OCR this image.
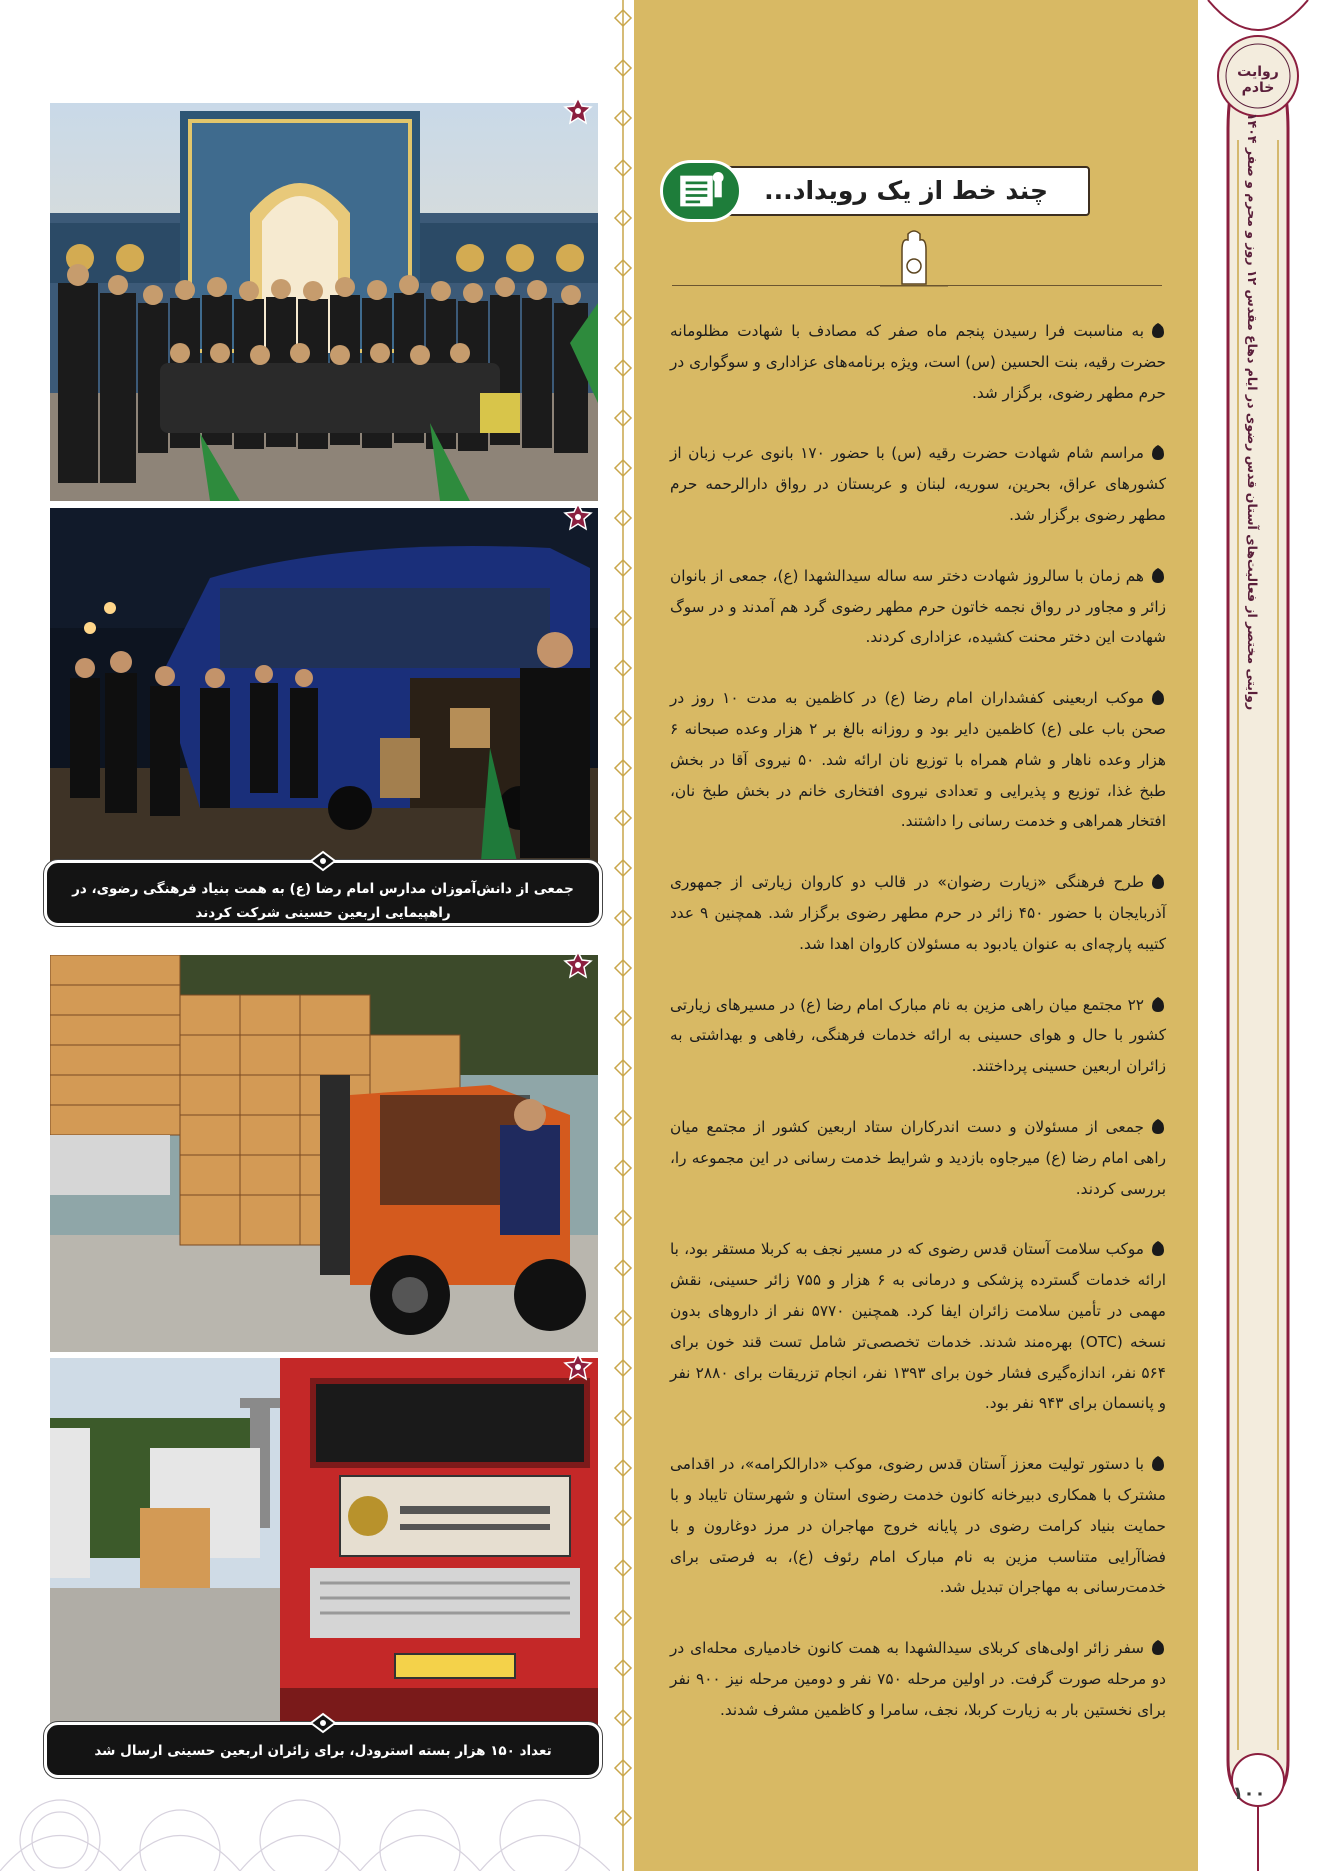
جمعی از دانش‌آموزان مدارس امام رضا (ع) به همت بنیاد فرهنگی رضوی، در راهپیمایی اربعین حسینی شرکت کردند
تعداد ۱۵۰ هزار بسته استرودل، برای زائران اربعین حسینی ارسال شد
چند خط از یک رویداد...
به مناسبت فرا رسیدن پنجم ماه صفر که مصادف با شهادت مظلومانه حضرت رقیه، بنت الحسین (س) است، ویژه برنامه‌های عزاداری و سوگواری در حرم مطهر رضوی، برگزار شد.
مراسم شام شهادت حضرت رقیه (س) با حضور ۱۷۰ بانوی عرب زبان از کشورهای عراق، بحرین، سوریه، لبنان و عربستان در رواق دارالرحمه حرم مطهر رضوی برگزار شد.
هم زمان با سالروز شهادت دختر سه ساله سیدالشهدا (ع)، جمعی از بانوان زائر و مجاور در رواق نجمه خاتون حرم مطهر رضوی گرد هم آمدند و در سوگ شهادت این دختر محنت کشیده، عزاداری کردند.
موکب اربعینی کفشداران امام رضا (ع) در کاظمین به مدت ۱۰ روز در صحن باب علی (ع) کاظمین دایر بود و روزانه بالغ بر ۲ هزار وعده صبحانه ۶ هزار وعده ناهار و شام همراه با توزیع نان ارائه شد. ۵۰ نیروی آقا در بخش طبخ غذا، توزیع و پذیرایی و تعدادی نیروی افتخاری خانم در بخش طبخ نان، افتخار همراهی و خدمت رسانی را داشتند.
طرح فرهنگی «زیارت رضوان» در قالب دو کاروان زیارتی از جمهوری آذربایجان با حضور ۴۵۰ زائر در حرم مطهر رضوی برگزار شد. همچنین ۹ عدد کتیبه پارچه‌ای به عنوان یادبود به مسئولان کاروان اهدا شد.
۲۲ مجتمع میان راهی مزین به نام مبارک امام رضا (ع) در مسیرهای زیارتی کشور با حال و هوای حسینی به ارائه خدمات فرهنگی، رفاهی و بهداشتی به زائران اربعین حسینی پرداختند.
جمعی از مسئولان و دست اندرکاران ستاد اربعین کشور از مجتمع میان راهی امام رضا (ع) میرجاوه بازدید و شرایط خدمت رسانی در این مجموعه را، بررسی کردند.
موکب سلامت آستان قدس رضوی که در مسیر نجف به کربلا مستقر بود، با ارائه خدمات گسترده پزشکی و درمانی به ۶ هزار و ۷۵۵ زائر حسینی، نقش مهمی در تأمین سلامت زائران ایفا کرد. همچنین ۵۷۷۰ نفر از داروهای بدون نسخه (OTC) بهره‌مند شدند. خدمات تخصصی‌تر شامل تست قند خون برای ۵۶۴ نفر، اندازه‌گیری فشار خون برای ۱۳۹۳ نفر، انجام تزریقات برای ۲۸۸۰ نفر و پانسمان برای ۹۴۳ نفر بود.
با دستور تولیت معزز آستان قدس رضوی، موکب «دارالکرامه»، در اقدامی مشترک با همکاری دبیرخانه کانون خدمت رضوی استان و شهرستان تایباد و با حمایت بنیاد کرامت رضوی در پایانه خروج مهاجران در مرز دوغارون و با فضاآرایی متناسب مزین به نام مبارک امام رئوف (ع)، به فرصتی برای خدمت‌رسانی به مهاجران تبدیل شد.
سفر زائر اولی‌های کربلای سیدالشهدا به همت کانون خادمیاری محله‌ای در دو مرحله صورت گرفت. در اولین مرحله ۷۵۰ نفر و دومین مرحله نیز ۹۰۰ نفر برای نخستین بار به زیارت کربلا، نجف، سامرا و کاظمین مشرف شدند.
روایت خادم
روایتی مختصر از فعالیت‌های آستان قدس رضوی در ایام دهاع مقدس ۱۲ روز و محرم و صفر ۱۴۰۴
۱۰۰
